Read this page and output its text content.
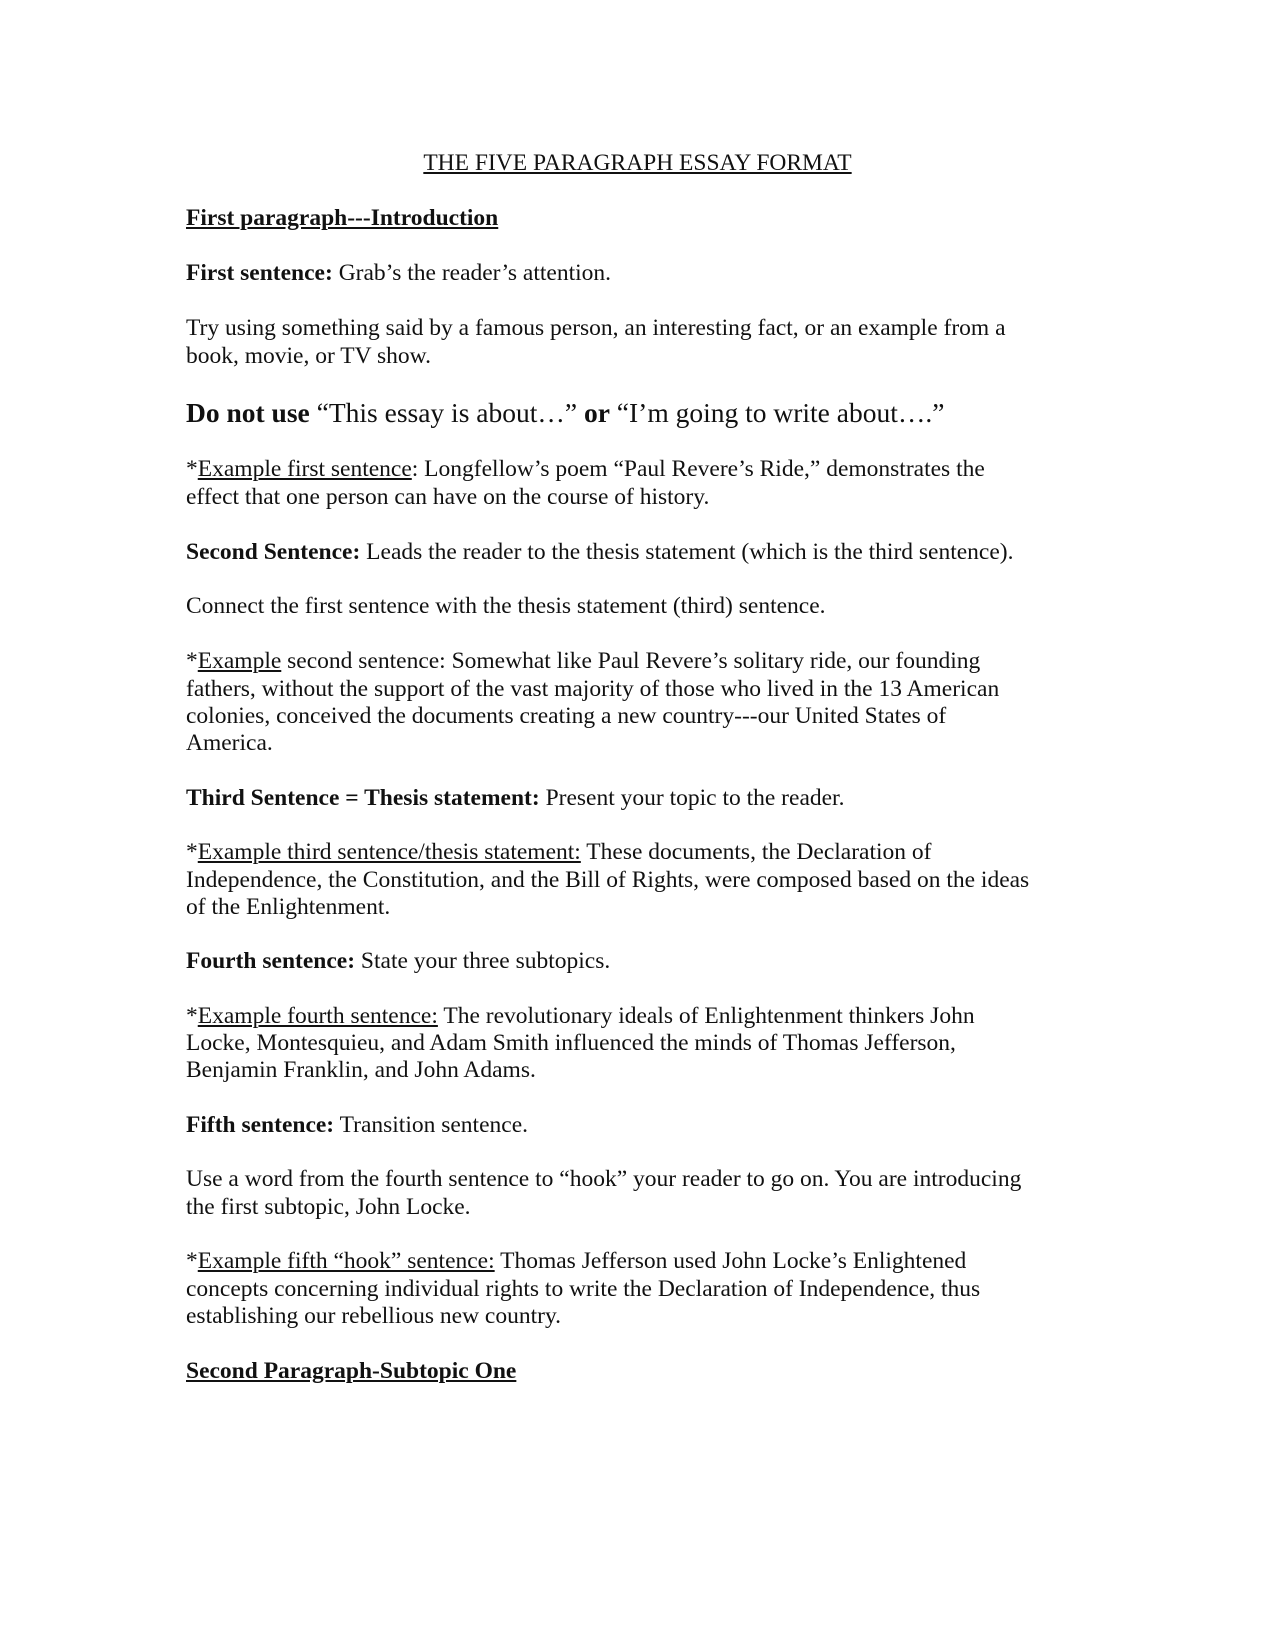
THE FIVE PARAGRAPH ESSAY FORMAT
First paragraph---Introduction
First sentence: Grab’s the reader’s attention.
Try using something said by a famous person, an interesting fact, or an example from a
book, movie, or TV show.
Do not use “This essay is about…” or “I’m going to write about….”
*Example first sentence: Longfellow’s poem “Paul Revere’s Ride,” demonstrates the
effect that one person can have on the course of history.
Second Sentence: Leads the reader to the thesis statement (which is the third sentence).
Connect the first sentence with the thesis statement (third) sentence.
*Example second sentence: Somewhat like Paul Revere’s solitary ride, our founding
fathers, without the support of the vast majority of those who lived in the 13 American
colonies, conceived the documents creating a new country---our United States of
America.
Third Sentence = Thesis statement: Present your topic to the reader.
*Example third sentence/thesis statement: These documents, the Declaration of
Independence, the Constitution, and the Bill of Rights, were composed based on the ideas
of the Enlightenment.
Fourth sentence: State your three subtopics.
*Example fourth sentence: The revolutionary ideals of Enlightenment thinkers John
Locke, Montesquieu, and Adam Smith influenced the minds of Thomas Jefferson,
Benjamin Franklin, and John Adams.
Fifth sentence: Transition sentence.
Use a word from the fourth sentence to “hook” your reader to go on. You are introducing
the first subtopic, John Locke.
*Example fifth “hook” sentence: Thomas Jefferson used John Locke’s Enlightened
concepts concerning individual rights to write the Declaration of Independence, thus
establishing our rebellious new country.
Second Paragraph-Subtopic One
